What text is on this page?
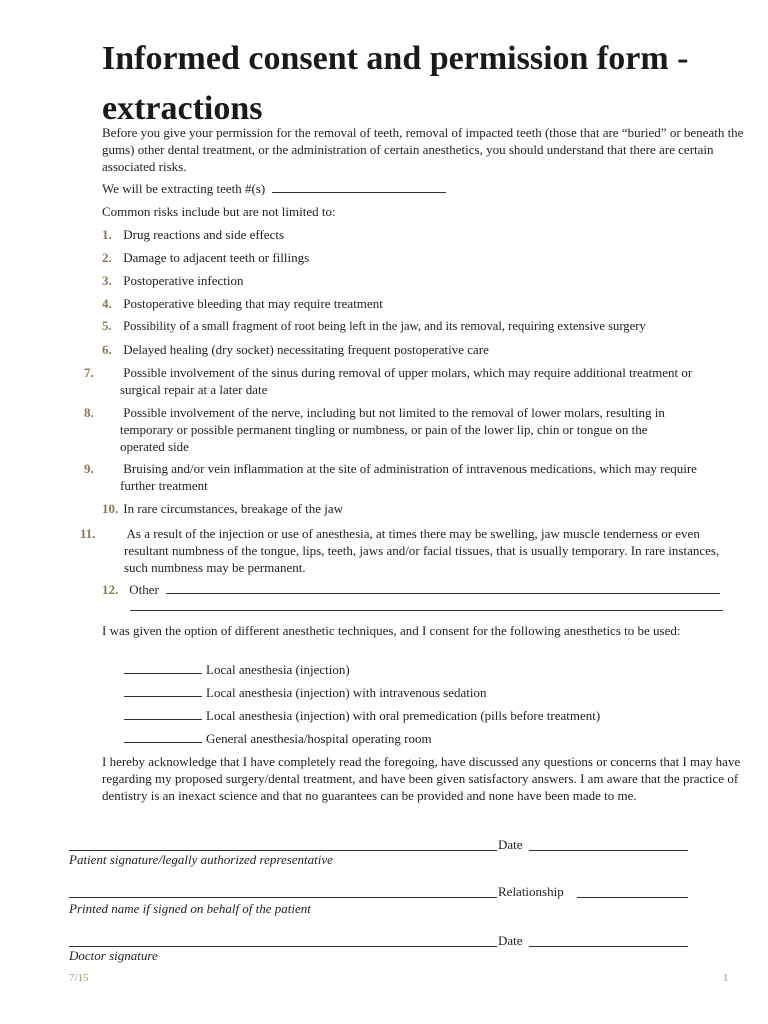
Informed consent and permission form - extractions
Before you give your permission for the removal of teeth, removal of impacted teeth (those that are “buried” or beneath the gums) other dental treatment, or the administration of certain anesthetics, you should understand that there are certain associated risks.
We will be extracting teeth #(s)
Common risks include but are not limited to:
1. Drug reactions and side effects
2. Damage to adjacent teeth or fillings
3. Postoperative infection
4. Postoperative bleeding that may require treatment
5. Possibility of a small fragment of root being left in the jaw, and its removal, requiring extensive surgery
6. Delayed healing (dry socket) necessitating frequent postoperative care
7. Possible involvement of the sinus during removal of upper molars, which may require additional treatment or surgical repair at a later date
8. Possible involvement of the nerve, including but not limited to the removal of lower molars, resulting in temporary or possible permanent tingling or numbness, or pain of the lower lip, chin or tongue on the operated side
9. Bruising and/or vein inflammation at the site of administration of intravenous medications, which may require further treatment
10. In rare circumstances, breakage of the jaw
11. As a result of the injection or use of anesthesia, at times there may be swelling, jaw muscle tenderness or even resultant numbness of the tongue, lips, teeth, jaws and/or facial tissues, that is usually temporary. In rare instances, such numbness may be permanent.
12. Other
I was given the option of different anesthetic techniques, and I consent for the following anesthetics to be used:
Local anesthesia (injection)
Local anesthesia (injection) with intravenous sedation
Local anesthesia (injection) with oral premedication (pills before treatment)
General anesthesia/hospital operating room
I hereby acknowledge that I have completely read the foregoing, have discussed any questions or concerns that I may have regarding my proposed surgery/dental treatment, and have been given satisfactory answers. I am aware that the practice of dentistry is an inexact science and that no guarantees can be provided and none have been made to me.
Date
Patient signature/legally authorized representative
Relationship
Printed name if signed on behalf of the patient
Date
Doctor signature
7/15	1
